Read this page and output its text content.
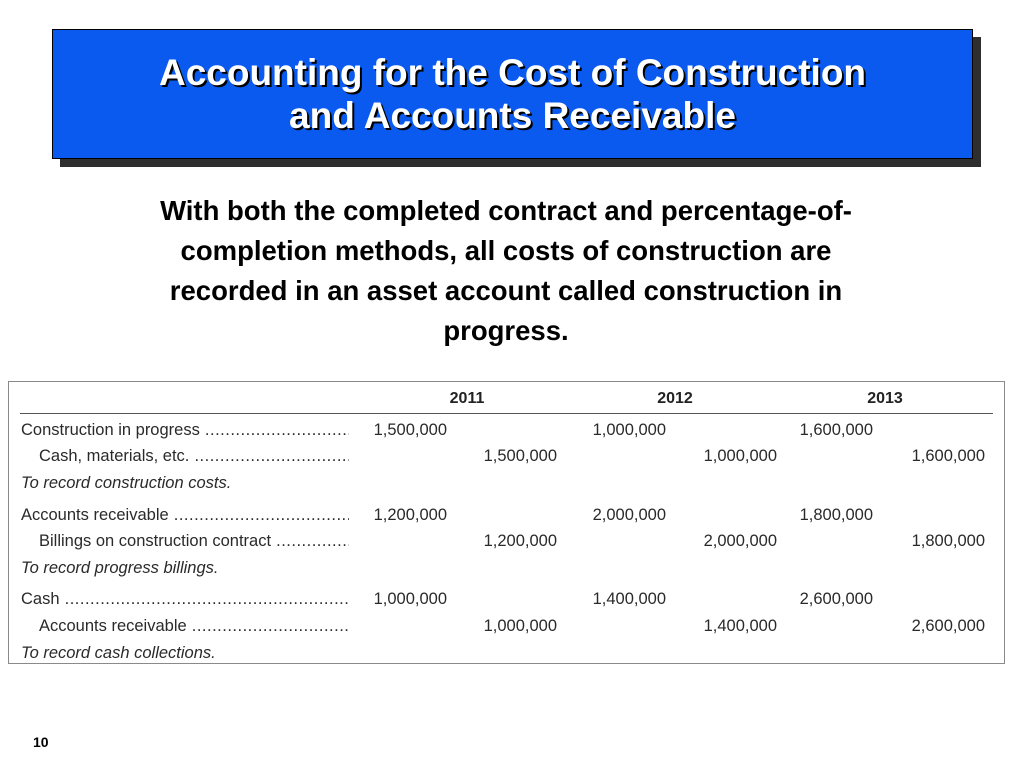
Accounting for the Cost of Construction
and Accounts Receivable
With both the completed contract and percentage-of-
completion methods, all costs of construction are
recorded in an asset account called construction in
progress.
2011	2012	2013
Construction in progress .....	1,500,000	1,000,000	1,600,000
Cash, materials, etc. .....	1,500,000	1,000,000	1,600,000
To record construction costs.
Accounts receivable .....	1,200,000	2,000,000	1,800,000
Billings on construction contract .....	1,200,000	2,000,000	1,800,000
To record progress billings.
Cash .....	1,000,000	1,400,000	2,600,000
Accounts receivable .....	1,000,000	1,400,000	2,600,000
To record cash collections.
10
